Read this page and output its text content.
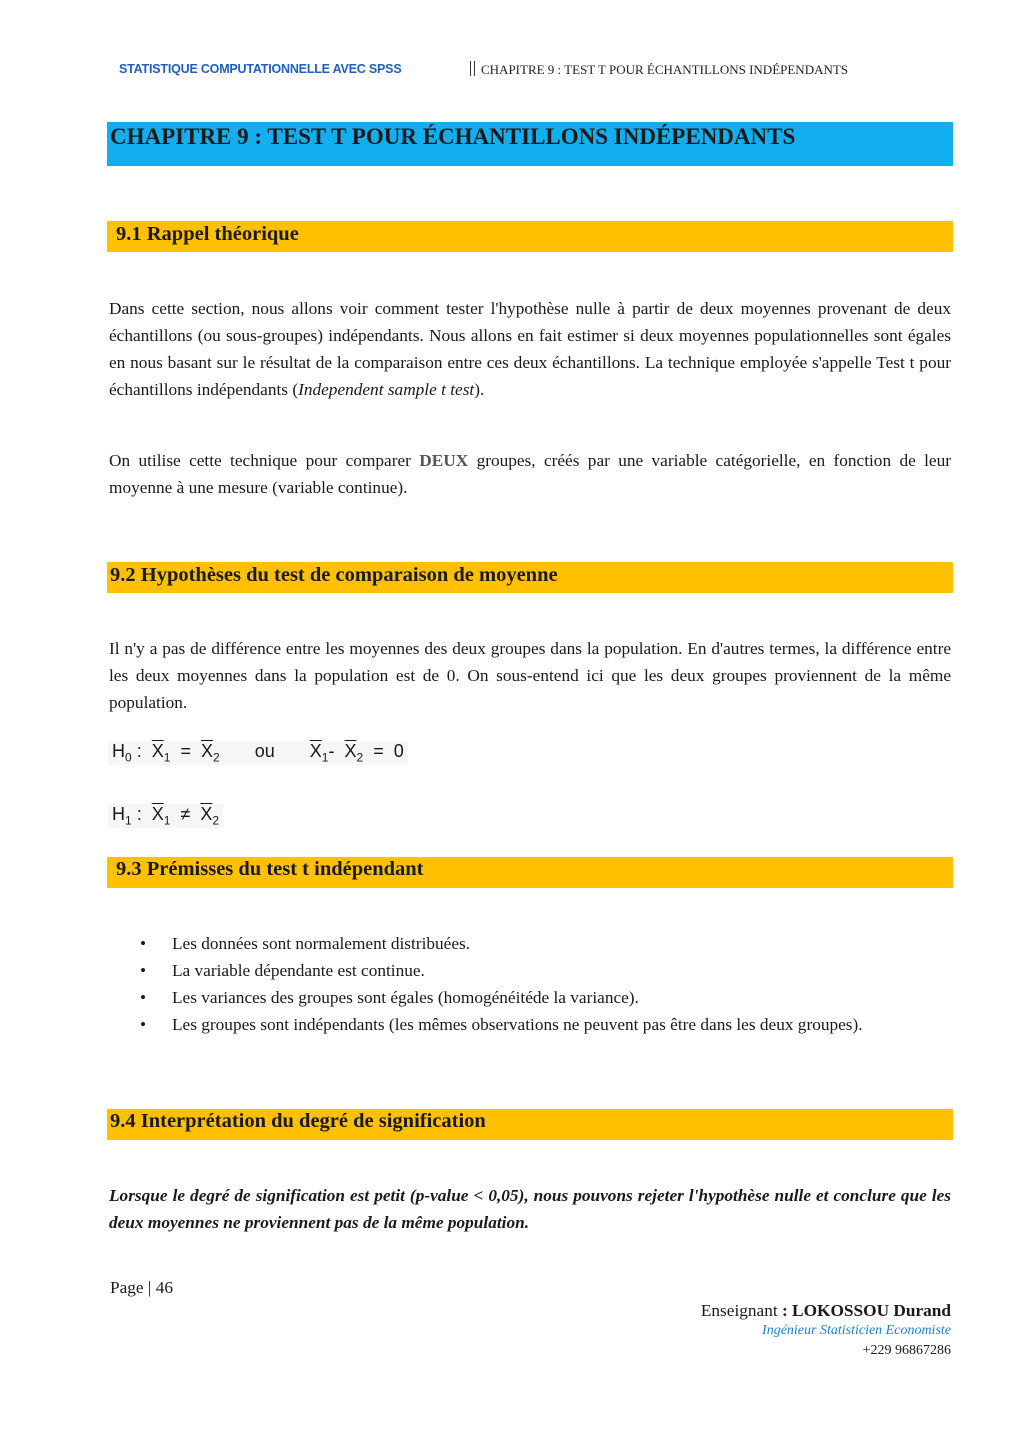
STATISTIQUE COMPUTATIONNELLE AVEC SPSS	CHAPITRE 9 : TEST T POUR ÉCHANTILLONS INDÉPENDANTS
CHAPITRE 9 : TEST T POUR ÉCHANTILLONS INDÉPENDANTS
9.1 Rappel théorique
Dans cette section, nous allons voir comment tester l'hypothèse nulle à partir de deux moyennes provenant de deux échantillons (ou sous-groupes) indépendants. Nous allons en fait estimer si deux moyennes populationnelles sont égales en nous basant sur le résultat de la comparaison entre ces deux échantillons. La technique employée s'appelle Test t pour échantillons indépendants (Independent sample t test).
On utilise cette technique pour comparer DEUX groupes, créés par une variable catégorielle, en fonction de leur moyenne à une mesure (variable continue).
9.2 Hypothèses du test de comparaison de moyenne
Il n'y a pas de différence entre les moyennes des deux groupes dans la population. En d'autres termes, la différence entre les deux moyennes dans la population est de 0. On sous-entend ici que les deux groupes proviennent de la même population.
$H_0$ : $\overline{X}_1 = \overline{X}_2$ ou $\overline{X}_1-$ $\overline{X}_2 = 0$
$H_1$ : $\overline{X}_1 \ne \overline{X}_2$
9.3 Prémisses du test t indépendant
• Les données sont normalement distribuées.
• La variable dépendante est continue.
• Les variances des groupes sont égales (homogénéitéde la variance).
• Les groupes sont indépendants (les mêmes observations ne peuvent pas être dans les deux groupes).
9.4 Interprétation du degré de signification
Lorsque le degré de signification est petit (p-value < 0,05), nous pouvons rejeter l'hypothèse nulle et conclure que les deux moyennes ne proviennent pas de la même population.
Page | 46
Enseignant : LOKOSSOU Durand
Ingénieur Statisticien Economiste
+229 96867286
